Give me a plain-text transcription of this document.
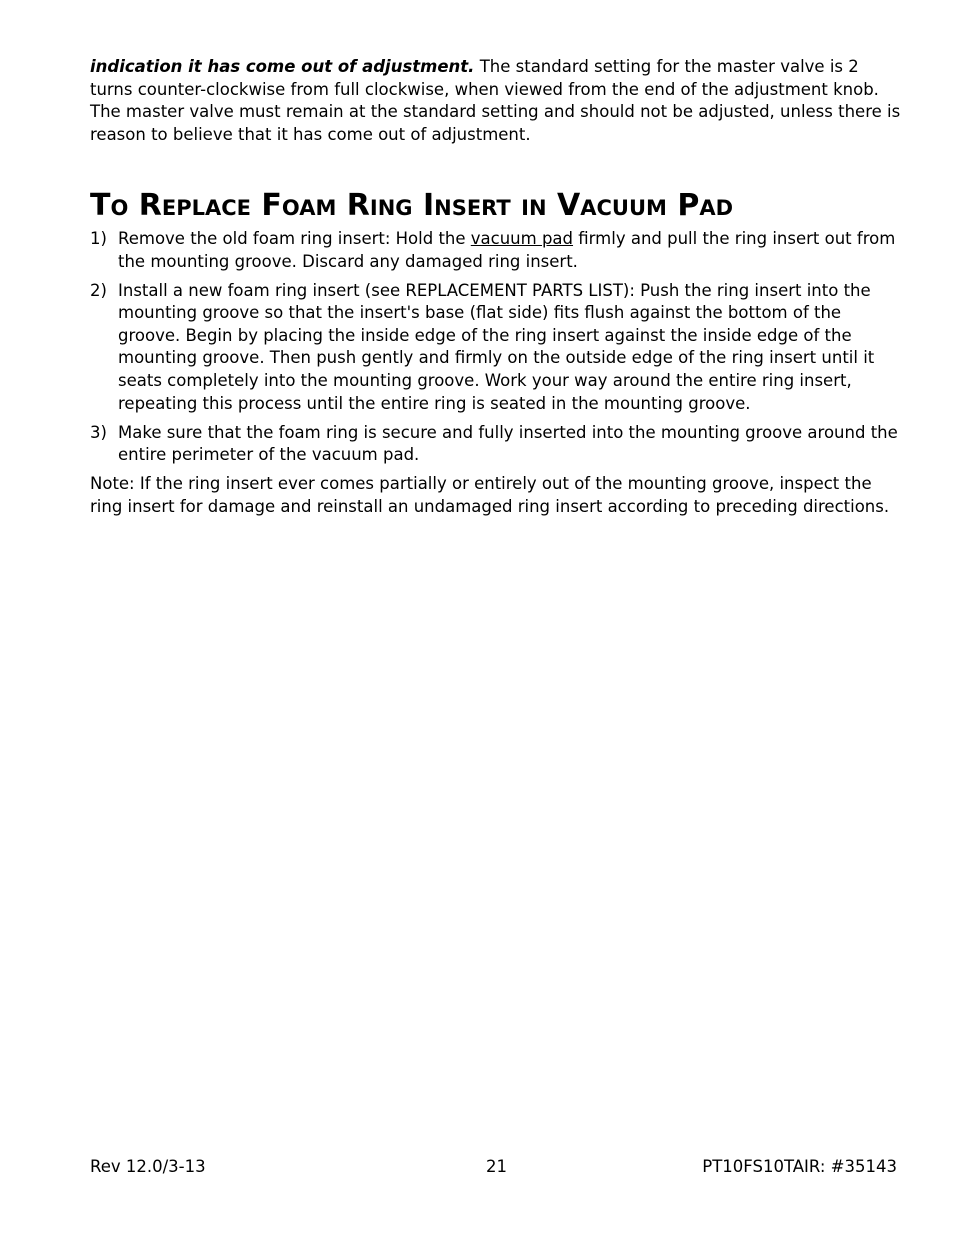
indication it has come out of adjustment. The standard setting for the master valve is 2 turns counter-clockwise from full clockwise, when viewed from the end of the adjustment knob. The master valve must remain at the standard setting and should not be adjusted, unless there is reason to believe that it has come out of adjustment.

To Replace Foam Ring Insert in Vacuum Pad
1) Remove the old foam ring insert: Hold the vacuum pad firmly and pull the ring insert out from the mounting groove. Discard any damaged ring insert.
2) Install a new foam ring insert (see REPLACEMENT PARTS LIST): Push the ring insert into the mounting groove so that the insert's base (flat side) fits flush against the bottom of the groove. Begin by placing the inside edge of the ring insert against the inside edge of the mounting groove. Then push gently and firmly on the outside edge of the ring insert until it seats completely into the mounting groove. Work your way around the entire ring insert, repeating this process until the entire ring is seated in the mounting groove.
3) Make sure that the foam ring is secure and fully inserted into the mounting groove around the entire perimeter of the vacuum pad.

Note: If the ring insert ever comes partially or entirely out of the mounting groove, inspect the ring insert for damage and reinstall an undamaged ring insert according to preceding directions.

Rev 12.0/3-13	21	PT10FS10TAIR: #35143
